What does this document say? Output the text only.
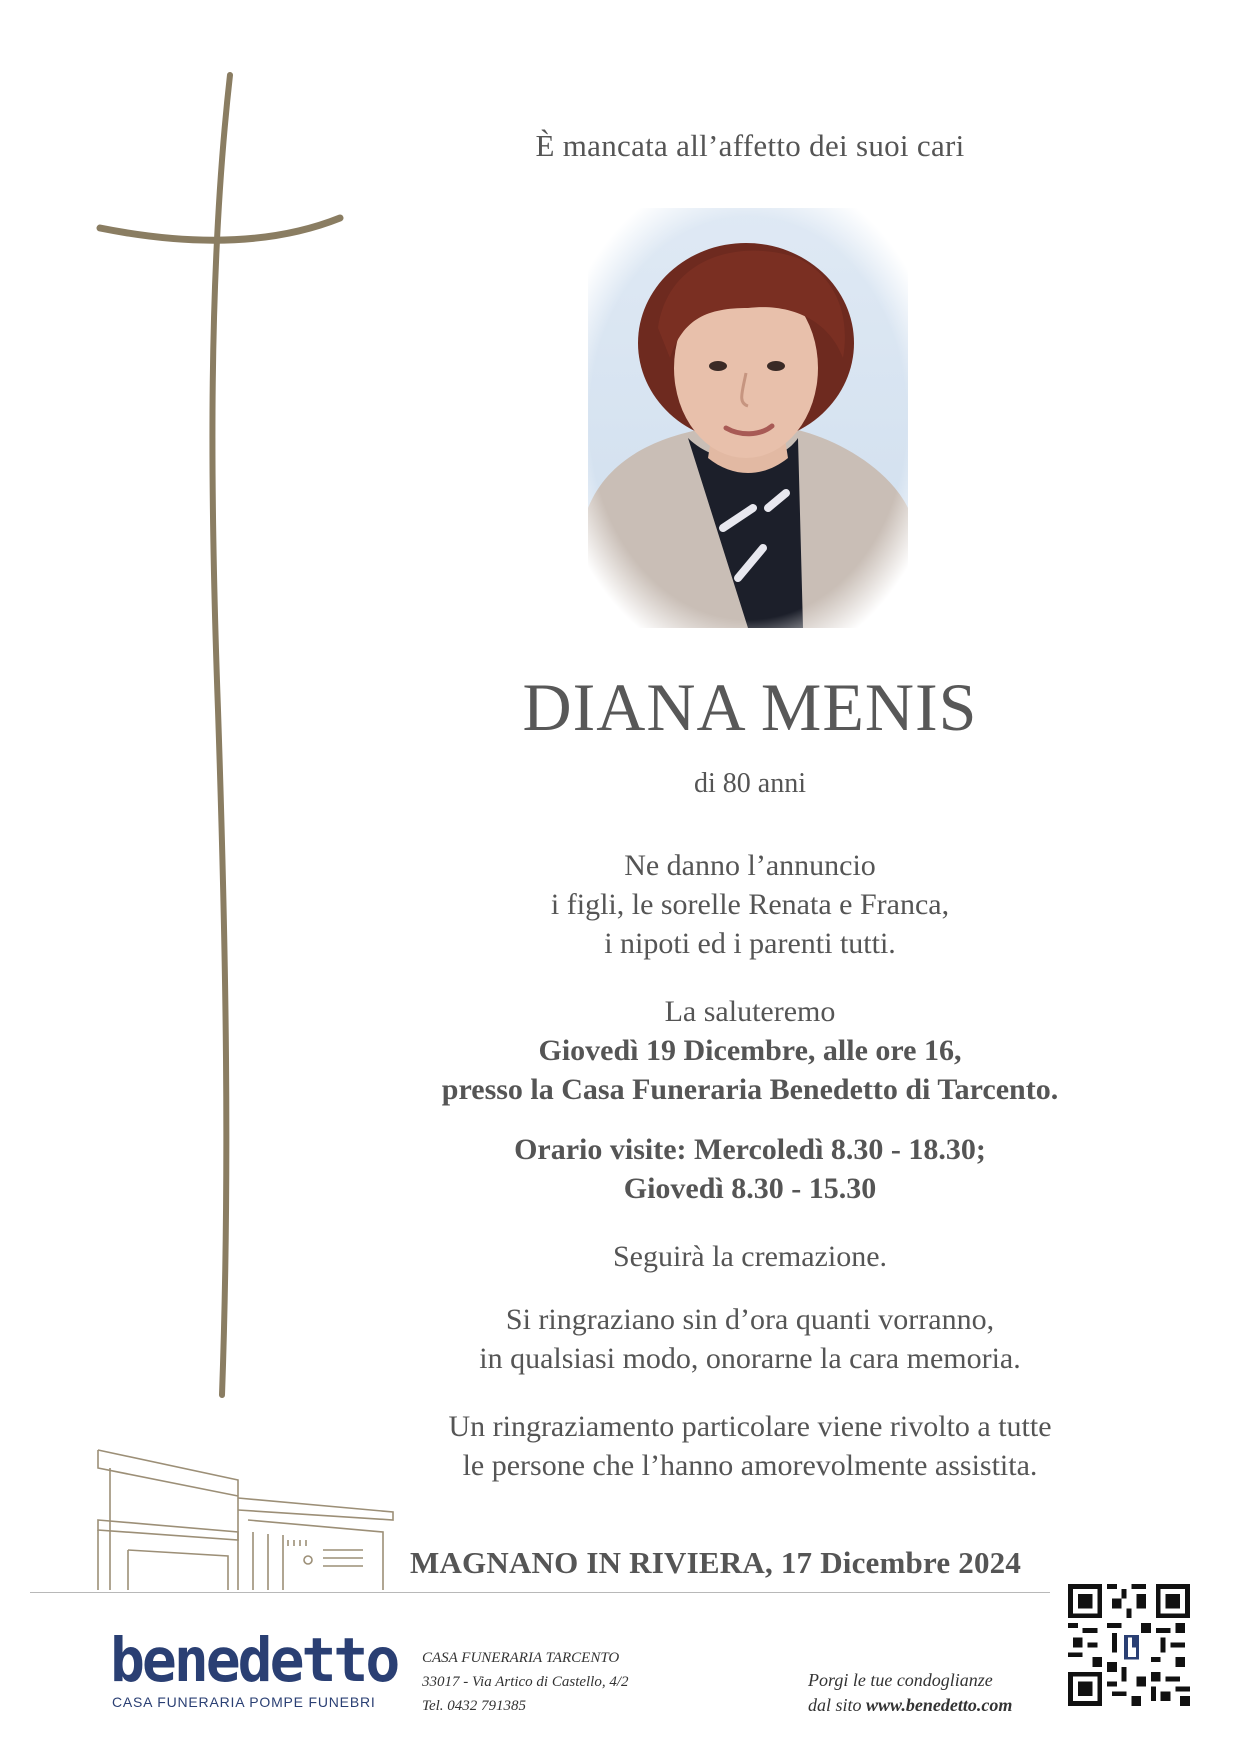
È mancata all’affetto dei suoi cari
DIANA MENIS
di 80 anni
Ne danno l’annuncio
i figli, le sorelle Renata e Franca,
i nipoti ed i parenti tutti.
La saluteremo
Giovedì 19 Dicembre, alle ore 16,
presso la Casa Funeraria Benedetto di Tarcento.
Orario visite: Mercoledì 8.30 - 18.30;
Giovedì 8.30 - 15.30
Seguirà la cremazione.
Si ringraziano sin d’ora quanti vorranno,
in qualsiasi modo, onorarne la cara memoria.
Un ringraziamento particolare viene rivolto a tutte
le persone che l’hanno amorevolmente assistita.
MAGNANO IN RIVIERA, 17 Dicembre 2024
benedetto
CASA FUNERARIA POMPE FUNEBRI
CASA FUNERARIA TARCENTO
33017 - Via Artico di Castello, 4/2
Tel. 0432 791385
Porgi le tue condoglianze
dal sito www.benedetto.com
